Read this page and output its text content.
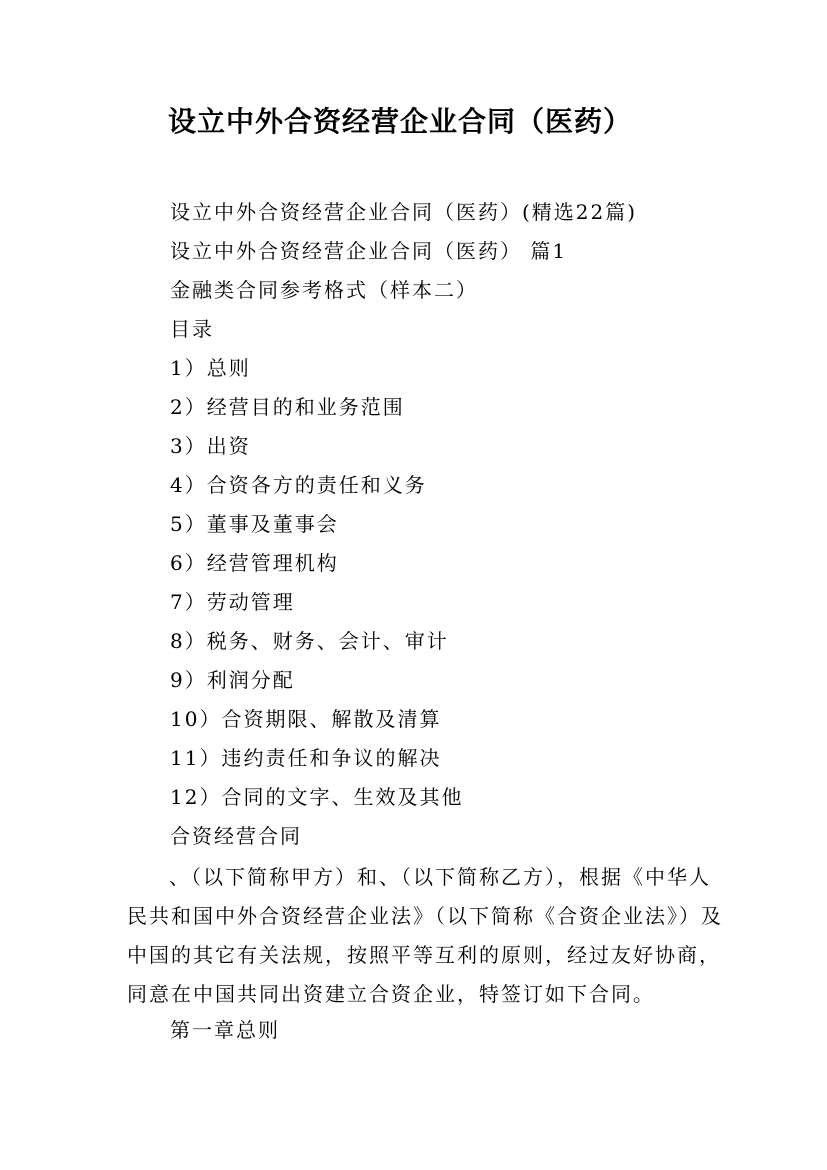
设立中外合资经营企业合同（医药）
设立中外合资经营企业合同（医药）(精选22篇)
设立中外合资经营企业合同（医药） 篇1
金融类合同参考格式（样本二）
目录
1）总则
2）经营目的和业务范围
3）出资
4）合资各方的责任和义务
5）董事及董事会
6）经营管理机构
7）劳动管理
8）税务、财务、会计、审计
9）利润分配
10）合资期限、解散及清算
11）违约责任和争议的解决
12）合同的文字、生效及其他
合资经营合同
、（以下简称甲方）和、（以下简称乙方），根据《中华人民共和国中外合资经营企业法》（以下简称《合资企业法》）及中国的其它有关法规，按照平等互利的原则，经过友好协商，同意在中国共同出资建立合资企业，特签订如下合同。
第一章总则
